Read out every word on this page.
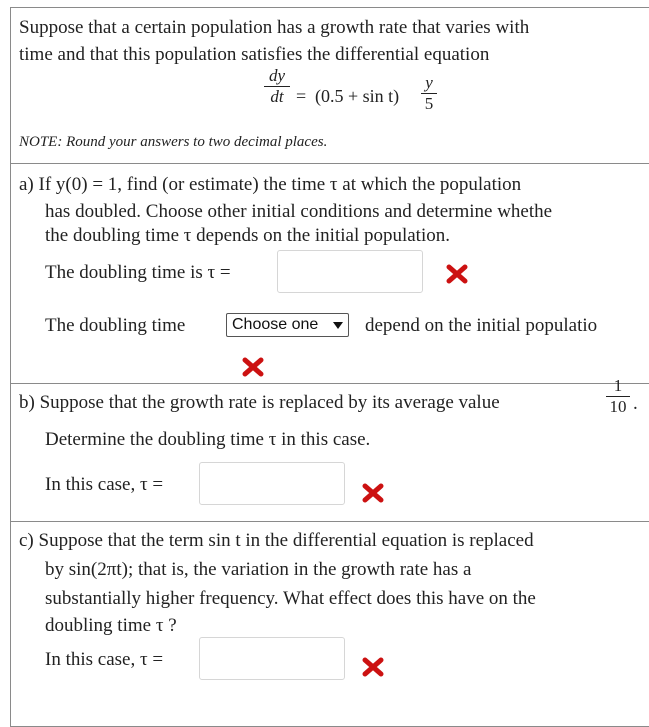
Suppose that a certain population has a growth rate that varies with
time and that this population satisfies the differential equation
dy
dt = (0.5 + sin t)
y
5
NOTE: Round your answers to two decimal places.
a) If y(0) = 1, find (or estimate) the time τ at which the population
has doubled. Choose other initial conditions and determine whethe
the doubling time τ depends on the initial population.
The doubling time is τ =
The doubling time	Choose one	depend on the initial populatio
b) Suppose that the growth rate is replaced by its average value
1
10 .
Determine the doubling time τ in this case.
In this case, τ =
c) Suppose that the term sin t in the differential equation is replaced
by sin(2πt); that is, the variation in the growth rate has a
substantially higher frequency. What effect does this have on the
doubling time τ ?
In this case, τ =
